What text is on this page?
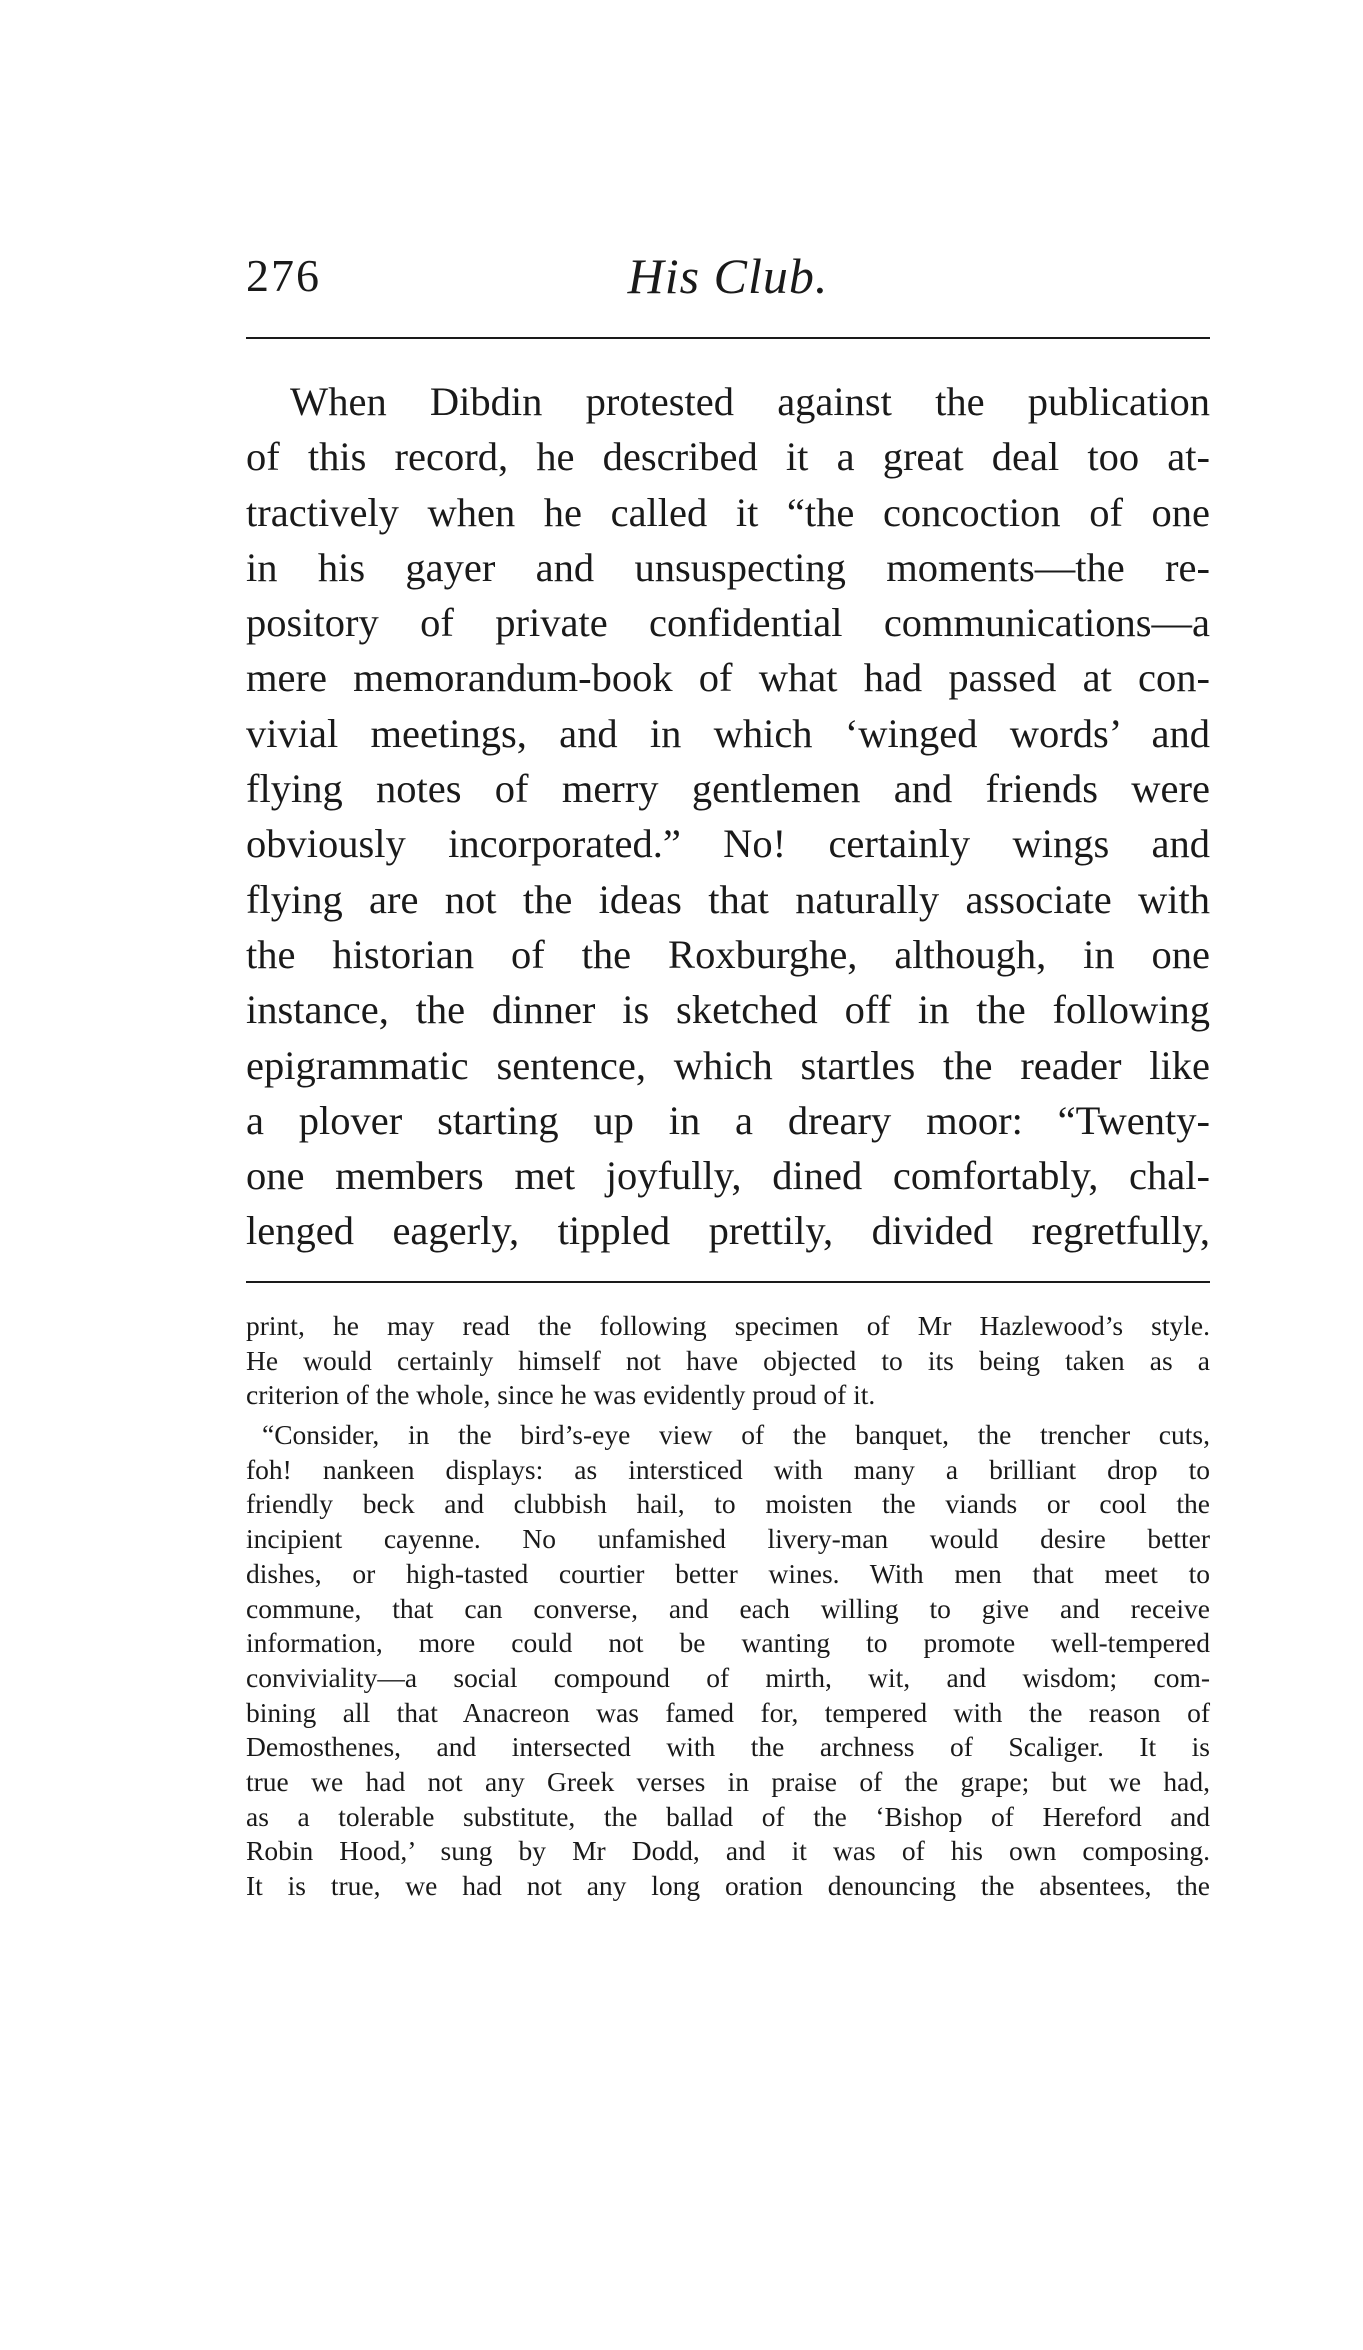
276	His Club.
When Dibdin protested against the publication
of this record, he described it a great deal too at-
tractively when he called it “the concoction of one
in his gayer and unsuspecting moments—the re-
pository of private confidential communications—a
mere memorandum-book of what had passed at con-
vivial meetings, and in which ‘winged words’ and
flying notes of merry gentlemen and friends were
obviously incorporated.” No! certainly wings and
flying are not the ideas that naturally associate with
the historian of the Roxburghe, although, in one
instance, the dinner is sketched off in the following
epigrammatic sentence, which startles the reader like
a plover starting up in a dreary moor: “Twenty-
one members met joyfully, dined comfortably, chal-
lenged eagerly, tippled prettily, divided regretfully,
print, he may read the following specimen of Mr Hazlewood’s style.
He would certainly himself not have objected to its being taken as a
criterion of the whole, since he was evidently proud of it.
“Consider, in the bird’s-eye view of the banquet, the trencher cuts,
foh! nankeen displays: as intersticed with many a brilliant drop to
friendly beck and clubbish hail, to moisten the viands or cool the
incipient cayenne. No unfamished livery-man would desire better
dishes, or high-tasted courtier better wines. With men that meet to
commune, that can converse, and each willing to give and receive
information, more could not be wanting to promote well-tempered
conviviality—a social compound of mirth, wit, and wisdom; com-
bining all that Anacreon was famed for, tempered with the reason of
Demosthenes, and intersected with the archness of Scaliger. It is
true we had not any Greek verses in praise of the grape; but we had,
as a tolerable substitute, the ballad of the ‘Bishop of Hereford and
Robin Hood,’ sung by Mr Dodd, and it was of his own composing.
It is true, we had not any long oration denouncing the absentees, the
